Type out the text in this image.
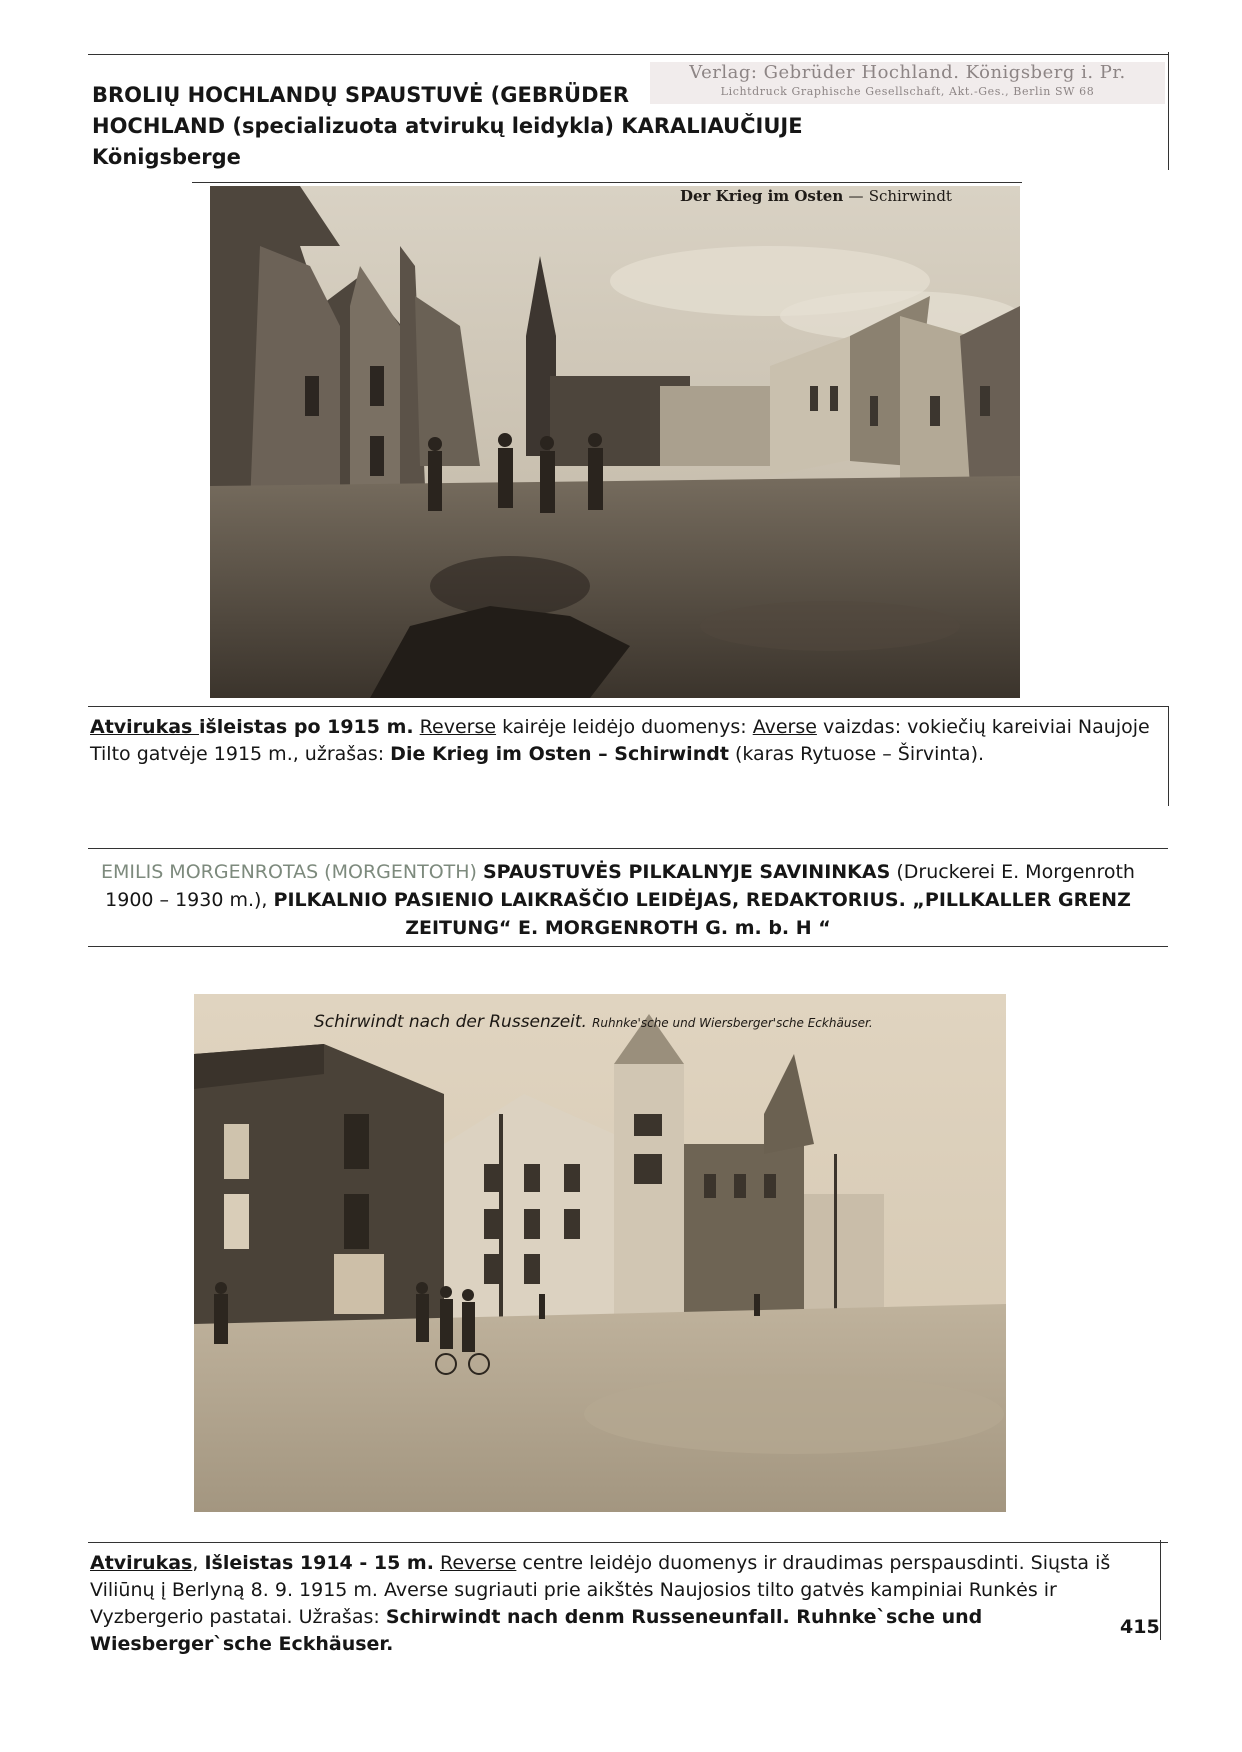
BROLIŲ HOCHLANDŲ SPAUSTUVĖ (GEBRÜDER
HOCHLAND (specializuota atvirukų leidykla) KARALIAUČIUJE Königsberge
Verlag: Gebrüder Hochland. Königsberg i. Pr.
Lichtdruck Graphische Gesellschaft, Akt.-Ges., Berlin SW 68
Der Krieg im Osten — Schirwindt
Atvirukas išleistas po 1915 m. Reverse kairėje leidėjo duomenys: Averse vaizdas: vokiečių kareiviai Naujoje Tilto gatvėje 1915 m., užrašas: Die Krieg im Osten – Schirwindt (karas Rytuose – Širvinta).
EMILIS MORGENROTAS (MORGENTOTH) SPAUSTUVĖS PILKALNYJE SAVININKAS (Druckerei E. Morgenroth 1900 – 1930 m.), PILKALNIO PASIENIO LAIKRAŠČIO LEIDĖJAS, REDAKTORIUS. „PILLKALLER GRENZ ZEITUNG“ E. MORGENROTH G. m. b. H “
Schirwindt nach der Russenzeit. Ruhnke'sche und Wiersberger'sche Eckhäuser.
Atvirukas, Išleistas 1914 - 15 m. Reverse centre leidėjo duomenys ir draudimas perspausdinti. Siųsta iš Viliūnų į Berlyną 8. 9. 1915 m. Averse sugriauti prie aikštės Naujosios tilto gatvės kampiniai Runkės ir Vyzbergerio pastatai. Užrašas: Schirwindt nach denm Russeneunfall. Ruhnke`sche und Wiesberger`sche Eckhäuser.
415
